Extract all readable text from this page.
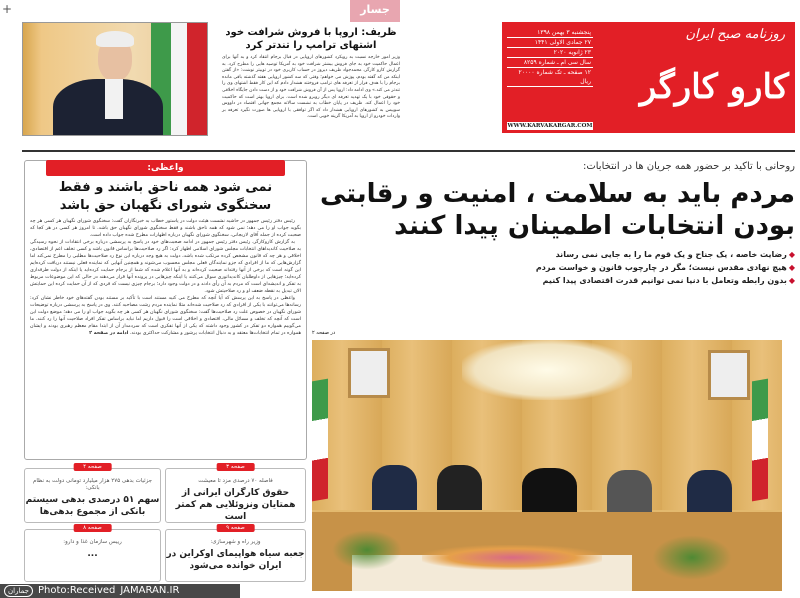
+
روزنامه صبح ایران
کارو کارگر
پنجشنبه ۳ بهمن ۱۳۹۸
۲۷ جمادی الاولی ۱۴۴۱
۲۳ ژانویه ۲۰۲۰
سال سی ام ـ شماره ۸۲۵۹
۱۲ صفحه ـ تک شماره ۲۰۰۰۰ ریال
WWW.KARVAKARGAR.COM
جسار
ظریف: اروپا با فروش شرافت خود اشتهای ترامپ را تندتر کرد
وزیر امور خارجه نسبت به رویکرد کشورهای اروپایی در قبال برجام انتقاد کرد و به آنها برای اعمال حاکمیت خود به جای فروش بیشتر شرافت خود به آمریکا توصیه هایی را مطرح کرد. به گزارش کارو کارگر، محمدجواد ظریف دیروز در حساب کاربری خود در توییتر نوشت: «از گفتن اینکه من که گفته بودم، پوزش می خواهم؛ وقتی که سه کشور اروپایی هفته گذشته باقی مانده برجام را با هدف فرار از تعرفه های ترامپ فروختند هشدار دادم که این کار فقط اشتهای وی را تندتر می کند.» وی ادامه داد: اروپا پس از آن فروش شرافت خود و از دست دادن جایگاه اخلاقی و حقوقی خود با یک تهدید تعرفه ای دیگر روبرو شده است. برای اروپا بهتر است که حاکمیت خود را اعمال کند. ظریف در پایان خطاب به نشست سالانه مجمع جهانی اقتصاد در داووس سوییس به کشورهای اروپایی هشدار داد که اگر توافقی با اروپایی ها صورت نگیرد تعرفه بر واردات خودرو از اروپا به آمریکا گزینه خوبی است.
روحانی با تاکید بر حضور همه جریان ها در انتخابات:
مردم باید به سلامت ، امنیت و رقابتی بودن انتخابات اطمینان پیدا کنند
◆رضایت خاصه ، یک جناح و یک قوم ما را به جایی نمی رساند
◆هیچ نهادی مقدس نیست؛ مگر در چارچوب قانون و خواست مردم
◆بدون رابطه وتعامل با دنیا نمی توانیم قدرت اقتصادی پیدا کنیم
در صفحه ۲
واعظی:
نمی شود همه ناحق باشند و فقط سخنگوی شورای نگهبان حق باشد

رئیس دفتر رئیس جمهور در حاشیه نشست هیئت دولت در پاستور خطاب به خبرنگاران گفت: سخنگوی شورای نگهبان هر کسی هر چه بگوید جواب او را می دهد؛ نمی شود که همه ناحق باشند و فقط سخنگوی شورای نگهبان حق باشد. تا امروز هر کسی در هر کجا که صحبت کرده از جمله آقای لاریجانی، سخنگوی شورای نگهبان درباره اظهارات مطرح شده جواب داده است.

به گزارش کاروکارگر، رئیس دفتر رئیس جمهور در ادامه صحبت‌های خود در پاسخ به پرسشی درباره برخی انتقادات از نحوه رسیدگی به صلاحیت کاندیداهای انتخابات مجلس شورای اسلامی اظهار کرد: اگر رد صلاحیت‌ها براساس قانون باشد و کسی تخلف اعم از اقتصادی، اخلاقی و هر چه که قانون مشخص کرده مرتکب شده باشد، دولت به هیچ وجه درباره این نوع رد صلاحیت‌ها مطلبی را مطرح نمی‌کند اما گزارش‌هایی که ما از افرادی که جزو نمایندگان فعلی مجلس محسوب می‌شوند و همچنین آنهایی که نماینده فعلی نیستند دریافت کرده‌ایم این گونه است که برخی از آنها رفته‌اند صحبت کرده‌اند و به آنها اعلام شده که شما از برجام حمایت کرده‌اید یا اینکه از دولت طرفداری کرده‌اید؛ چیزهایی از داوطلبان کاندیداتوری سوال می‌کنند یا اینکه چیزهایی در پرونده آنها قرار می‌دهند در حالی که این موضوعات مربوط به تفکر و اندیشه‌ای است که مردم به آن رأی دادند و در دولت وجود دارد؛ برجام چیزی نیست که فردی که از آن حمایت کرده این حمایتش الان تبدیل به نقطه ضعف او و رد صلاحیتش شود.

واعظی در پاسخ به این پرسش که آیا آنچه که مطرح می کنید مستند است با تأکید بر مستند بودن گفته‌های خود خاطر نشان کرد: رسانه‌ها می‌توانند با یکی از افرادی که رد صلاحیت شده‌اند مثلا نماینده مردم رشت مصاحبه کنند. وی در پاسخ به پرسشی درباره توضیحات شورای نگهبان در خصوص علت رد صلاحیت‌ها گفت: سخنگوی شورای نگهبان هر کسی هر چه بگوید جواب او را می دهد؛ موضع دولت این است که آنچه که تخلف و مسائل مالی، اقتصادی و اخلاقی است را قبول داریم اما نباید براساس تفکر افراد صلاحیت آنها را رد کنند. ما می‌گوییم همواره دو تفکر در کشور وجود داشته که یکی از آنها تفکری است که سردمدار آن از ابتدا مقام معظم رهبری بودند و ایشان همواره در تمام انتخابات‌ها معتقد و به دنبال انتخابات پرشور و مشارکت حداکثری بودند. ادامه در صفحه ۲

صفحه ۳
فاصله ۷۰ درصدی مزد تا معیشت
حقوق کارگران ایرانی از همتایان ونزوئلایی هم کمتر است
صفحه ۴
جزئیات بدهی ۲۷۵ هزار میلیارد تومانی دولت به نظام بانکی:
سهم ۵۱ درصدی بدهی سیستم بانکی از مجموع بدهی‌ها
صفحه ۹
وزیر راه و شهرسازی:
جعبه سیاه هواپیمای اوکراین در ایران خوانده می‌شود
صفحه ۸
رییس سازمان غذا و دارو:
...
جماران Photo:Received JAMARAN.IR
